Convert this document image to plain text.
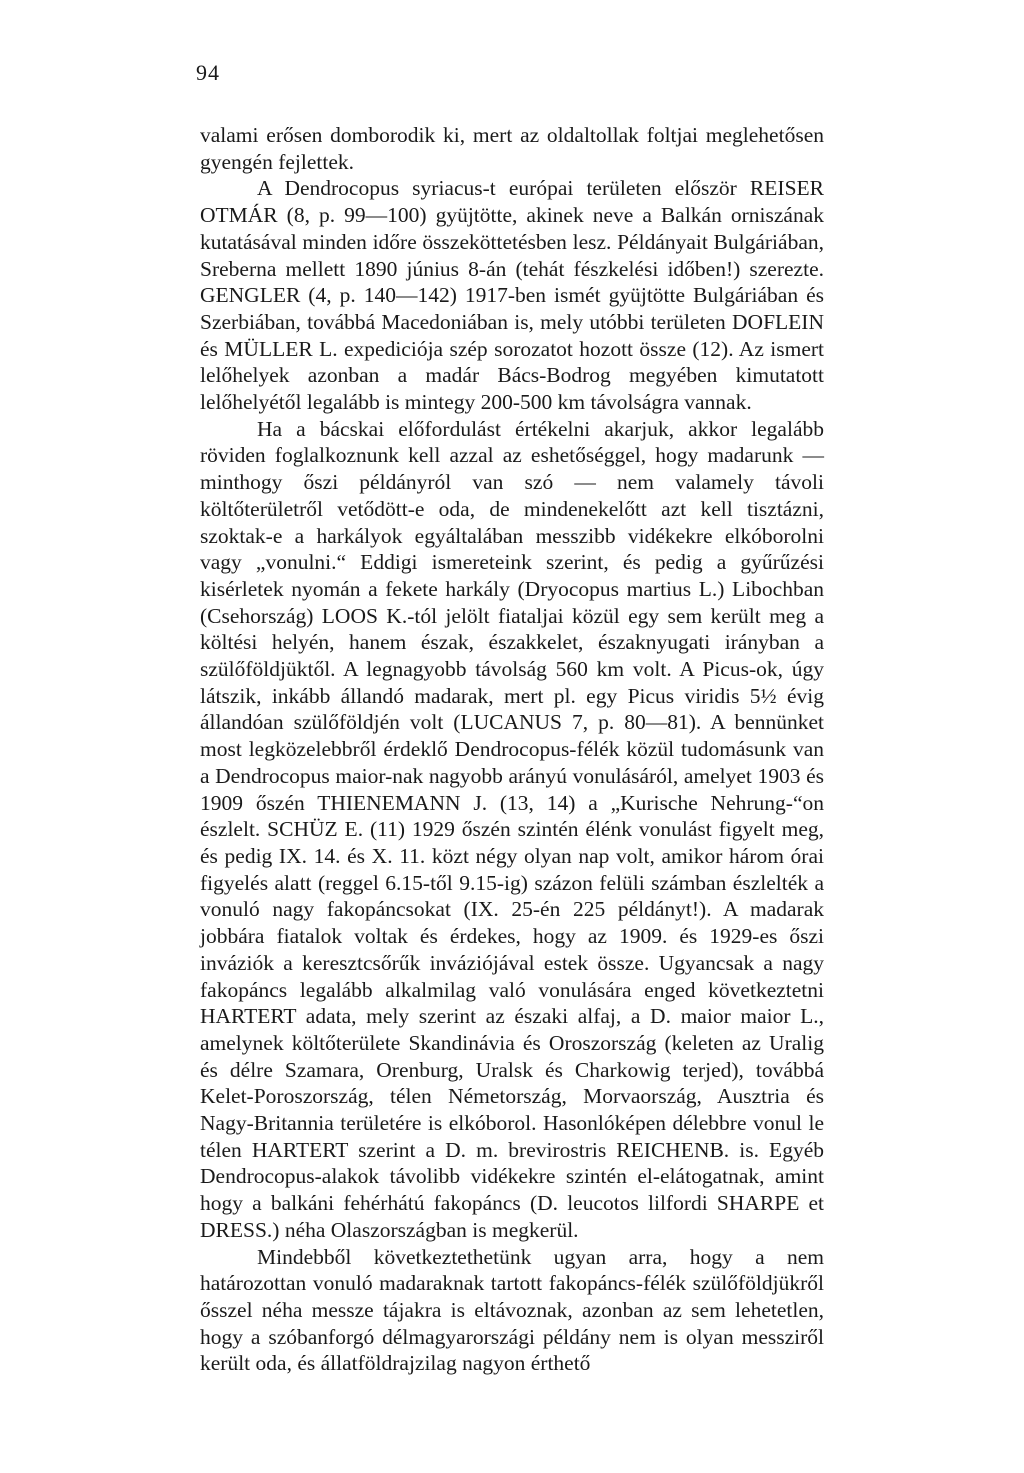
94

valami erősen domborodik ki, mert az oldaltollak foltjai meglehetősen gyengén fejlettek.

A Dendrocopus syriacus-t európai területen először REISER OTMÁR (8, p. 99—100) gyüjtötte, akinek neve a Balkán orniszának kutatásával minden időre összeköttetésben lesz. Példányait Bulgáriában, Sreberna mellett 1890 június 8-án (tehát fészkelési időben!) szerezte. GENGLER (4, p. 140—142) 1917-ben ismét gyüjtötte Bulgáriában és Szerbiában, továbbá Macedoniában is, mely utóbbi területen DOFLEIN és MÜLLER L. expediciója szép sorozatot hozott össze (12). Az ismert lelőhelyek azonban a madár Bács-Bodrog megyében kimutatott lelőhelyétől legalább is mintegy 200-500 km távolságra vannak.

Ha a bácskai előfordulást értékelni akarjuk, akkor legalább röviden foglalkoznunk kell azzal az eshetőséggel, hogy madarunk — minthogy őszi példányról van szó — nem valamely távoli költőterületről vetődött-e oda, de mindenekelőtt azt kell tisztázni, szoktak-e a harkályok egyáltalában messzibb vidékekre elkóborolni vagy „vonulni.“ Eddigi ismereteink szerint, és pedig a gyűrűzési kisérletek nyomán a fekete harkály (Dryocopus martius L.) Libochban (Csehország) LOOS K.-tól jelölt fiataljai közül egy sem került meg a költési helyén, hanem észak, északkelet, északnyugati irányban a szülőföldjüktől. A legnagyobb távolság 560 km volt. A Picus-ok, úgy látszik, inkább állandó madarak, mert pl. egy Picus viridis 5½ évig állandóan szülőföldjén volt (LUCANUS 7, p. 80—81). A bennünket most legközelebbről érdeklő Dendrocopus-félék közül tudomásunk van a Dendrocopus maior-nak nagyobb arányú vonulásáról, amelyet 1903 és 1909 őszén THIENEMANN J. (13, 14) a „Kurische Nehrung-“on észlelt. SCHÜZ E. (11) 1929 őszén szintén élénk vonulást figyelt meg, és pedig IX. 14. és X. 11. közt négy olyan nap volt, amikor három órai figyelés alatt (reggel 6.15-től 9.15-ig) százon felüli számban észlelték a vonuló nagy fakopáncsokat (IX. 25-én 225 példányt!). A madarak jobbára fiatalok voltak és érdekes, hogy az 1909. és 1929-es őszi inváziók a keresztcsőrűk inváziójával estek össze. Ugyancsak a nagy fakopáncs legalább alkalmilag való vonulására enged következtetni HARTERT adata, mely szerint az északi alfaj, a D. maior maior L., amelynek költőterülete Skandinávia és Oroszország (keleten az Uralig és délre Szamara, Orenburg, Uralsk és Charkowig terjed), továbbá Kelet-Poroszország, télen Németország, Morvaország, Ausztria és Nagy-Britannia területére is elkóborol. Hasonlóképen délebbre vonul le télen HARTERT szerint a D. m. brevirostris REICHENB. is. Egyéb Dendrocopus-alakok távolibb vidékekre szintén el-elátogatnak, amint hogy a balkáni fehérhátú fakopáncs (D. leucotos lilfordi SHARPE et DRESS.) néha Olaszországban is megkerül.

Mindebből következtethetünk ugyan arra, hogy a nem határozottan vonuló madaraknak tartott fakopáncs-félék szülőföldjükről ősszel néha messze tájakra is eltávoznak, azonban az sem lehetetlen, hogy a szóbanforgó délmagyarországi példány nem is olyan messziről került oda, és állatföldrajzilag nagyon érthető
